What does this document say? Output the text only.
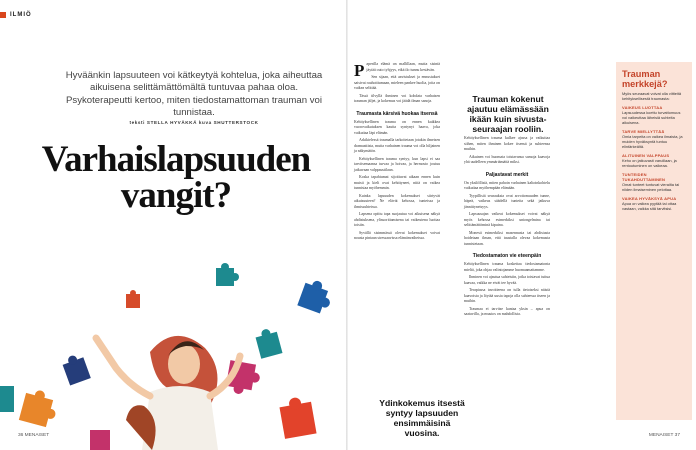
ILMIÖ
Hyväänkin lapsuuteen voi kätkeytyä kohtelua, joka aiheuttaa aikuisena selittämättömältä tuntuvaa pahaa oloa. Psykoterapeutti kertoo, miten tiedostamattoman trauman voi tunnistaa.
teksti STELLA HYVÄKKÄ kuva SHUTTERSTOCK
Varhaislapsuuden vangit?
36 MENAISET

Paperilla elämä on mallillaan, mutta sisintä jäytää outo tyhjyys, eikä ilo tunnu kestävän.

Sen sijaan, että aavistukset ja ennustukset saisivat rauhoittumaan, mieleen pankee huolia, joita on vaikea selittää.

Tässä tilvyllä ihminen voi kohdata varhaisen trauman jäljet, ja kokemus voi jäädä ilman sanoja.

Traumasta kärsivä huokaa itsensä

Kehityksellinen trauma on ennen kaikkea vuorovaikutuksen kautta syntynyt haava, joka vaikuttaa läpi elämän.

Arkikielessä traumalla tarkoitetaan jotakin ilmeisen dramaattista, mutta varhainen trauma voi olla hiljainen ja näkymätön.

Kehityksellinen trauma syntyy, kun lapsi ei saa tarvitsemaansa turvaa ja hoivaa, ja hermosto joutuu jatkuvaan valppaustilaan.

Koska tapahtumat sijoittuvat aikaan ennen kuin muisti ja kieli ovat kehittyneet, niitä on vaikea tunnistaa myöhemmin.

Kuinka lapsuuden kokemukset siirtyvät aikuisuuteen? Ne elävät kehossa, tunteissa ja ihmissuhteissa.

Lapsena opittu tapa suojautua voi aikuisena näkyä ahdistuksena, ylisuorittamisena tai vaikeutena luottaa toisiin.

Syvällä sisimmässä olevat kokemukset voivat nousta pintaan stressaavissa elämänvaiheissa.

Trauman kokenut ajautuu elämässään ikään kuin sivusta-seuraajan rooliin.

Kehityksellinen trauma kulkee ajassa ja vaikuttaa siihen, miten ihminen kokee itsensä ja suhteensa muihin.

Aikuinen voi huomata toistavansa samoja kaavoja yhä uudelleen ymmärtämättä miksi.

Paljastavat merkit

On yksilöllistä, miten pahoin varhainen kaltoinkohtelu vaikuttaa myöhempään elämään.

Tyypillisiä seurauksia ovat arvottomuuden tunne, häpeä, vaikeus säädellä tunteita sekä jatkuva jännittyneisyys.

Lapsuusajan vaikeat kokemukset voivat näkyä myös kehossa esimerkiksi uniongelmina tai selittämättöminä kipuina.

Monesti esimerkiksi masennusta tai ahdistusta hoidetaan ilman, että taustalla olevaa kokemusta tunnistetaan.

Tiedostamaton vie eteenpäin

Kehityksellinen trauma koskettaa tiedostamatonta mieltä, joka ohjaa valintojamme huomaamattamme.

Ihminen voi ajautua suhteisiin, jotka toistavat tuttua kaavaa, vaikka ne eivät tee hyvää.

Terapiassa tavoitteena on tulla tietoiseksi näistä kaavoista ja löytää uusia tapoja olla suhteessa itseen ja muihin.

Traumaa ei tarvitse kantaa yksin – apua on saatavilla, ja muutos on mahdollista.

Ydinkokemus itsestä syntyy lapsuuden ensimmäisinä vuosina.
Trauman merkkejä?
Myös seuraavat voivat olla viitteitä kehityksellisestä traumasta:
VAIKEUS LUOTTAA
Lapsuudessa koettu turvattomuus voi vaikeuttaa läheisiä suhteita aikuisena.
TARVE MIELLYTTÄÄ
Omia tarpeita on vaikea ilmaista, ja muiden hyväksyntä tuntuu elintärkeältä.
ALITUINEN VALPPAUS
Keho on jatkuvasti varuillaan, ja rentoutuminen on vaikeaa.
TUNTEIDEN TUKAHDUTTAMINEN
Omat tunteet tuntuvat vierailta tai niiden ilmaiseminen pelottaa.
VAIKEA HYVÄKSYÄ APUA
Apua on vaikea pyytää tai ottaa vastaan, vaikka sitä tarvitsisi.
MENAISET 37
